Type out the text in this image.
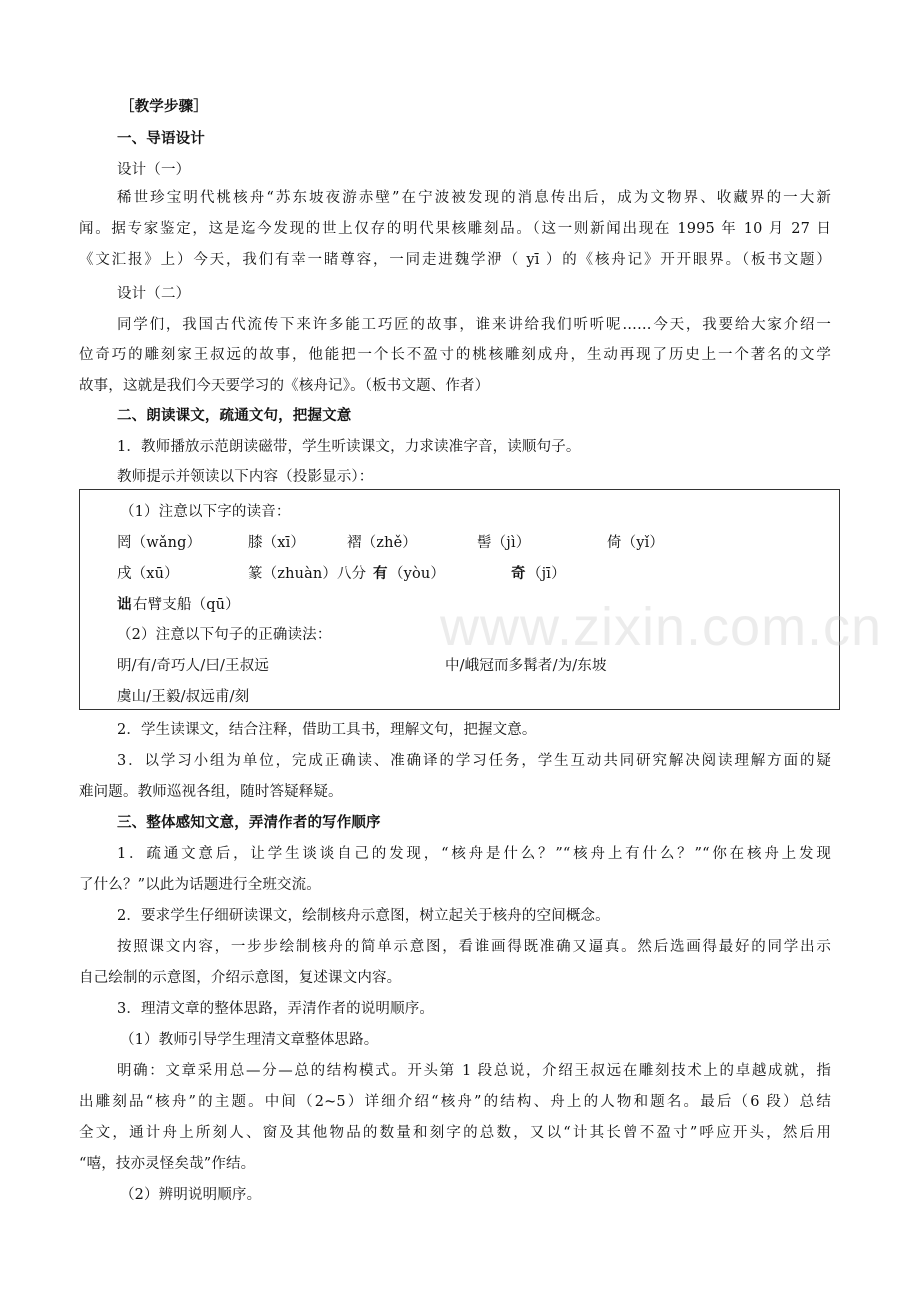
［教学步骤］
一、导语设计
设计（一）
稀世珍宝明代桃核舟“苏东坡夜游赤壁”在宁波被发现的消息传出后，成为文物界、收藏界的一大新
闻。据专家鉴定，这是迄今发现的世上仅存的明代果核雕刻品。（这一则新闻出现在 1995 年 10 月 27 日
《文汇报》上）今天，我们有幸一睹尊容，一同走进魏学洢（ yī ）的《核舟记》开开眼界。（板书文题）
设计（二）
同学们，我国古代流传下来许多能工巧匠的故事，谁来讲给我们听听呢……今天，我要给大家介绍一
位奇巧的雕刻家王叔远的故事，他能把一个长不盈寸的桃核雕刻成舟，生动再现了历史上一个著名的文学
故事，这就是我们今天要学习的《核舟记》。（板书文题、作者）
二、朗读课文，疏通文句，把握文意
1．教师播放示范朗读磁带，学生听读课文，力求读准字音，读顺句子。
教师提示并领读以下内容（投影显示）：
（1）注意以下字的读音：
罔（wǎng）	膝（xī）	褶（zhě）	髻（jì）	倚（yǐ）
戌（xū）	篆（zhuàn）八分 有 （yòu）	奇 （jī）
诎 右臂支船（qū）
（2）注意以下句子的正确读法：
明/有/奇巧人/曰/王叔远	中/峨冠而多髯者/为/东坡
虞山/王毅/叔远甫/刻
2．学生读课文，结合注释，借助工具书，理解文句，把握文意。
3．以学习小组为单位，完成正确读、准确译的学习任务，学生互动共同研究解决阅读理解方面的疑
难问题。教师巡视各组，随时答疑释疑。
三、整体感知文意，弄清作者的写作顺序
1．疏通文意后，让学生谈谈自己的发现，“核舟是什么？”“核舟上有什么？”“你在核舟上发现
了什么？”以此为话题进行全班交流。
2．要求学生仔细研读课文，绘制核舟示意图，树立起关于核舟的空间概念。
按照课文内容，一步步绘制核舟的简单示意图，看谁画得既准确又逼真。然后选画得最好的同学出示
自己绘制的示意图，介绍示意图，复述课文内容。
3．理清文章的整体思路，弄清作者的说明顺序。
（1）教师引导学生理清文章整体思路。
明确：文章采用总—分—总的结构模式。开头第 1 段总说，介绍王叔远在雕刻技术上的卓越成就，指
出雕刻品“核舟”的主题。中间（2~5）详细介绍“核舟”的结构、舟上的人物和题名。最后（6 段）总结
全文，通计舟上所刻人、窗及其他物品的数量和刻字的总数，又以“计其长曾不盈寸”呼应开头，然后用
“嘻，技亦灵怪矣哉”作结。
（2）辨明说明顺序。
www.zixin.com.cn
